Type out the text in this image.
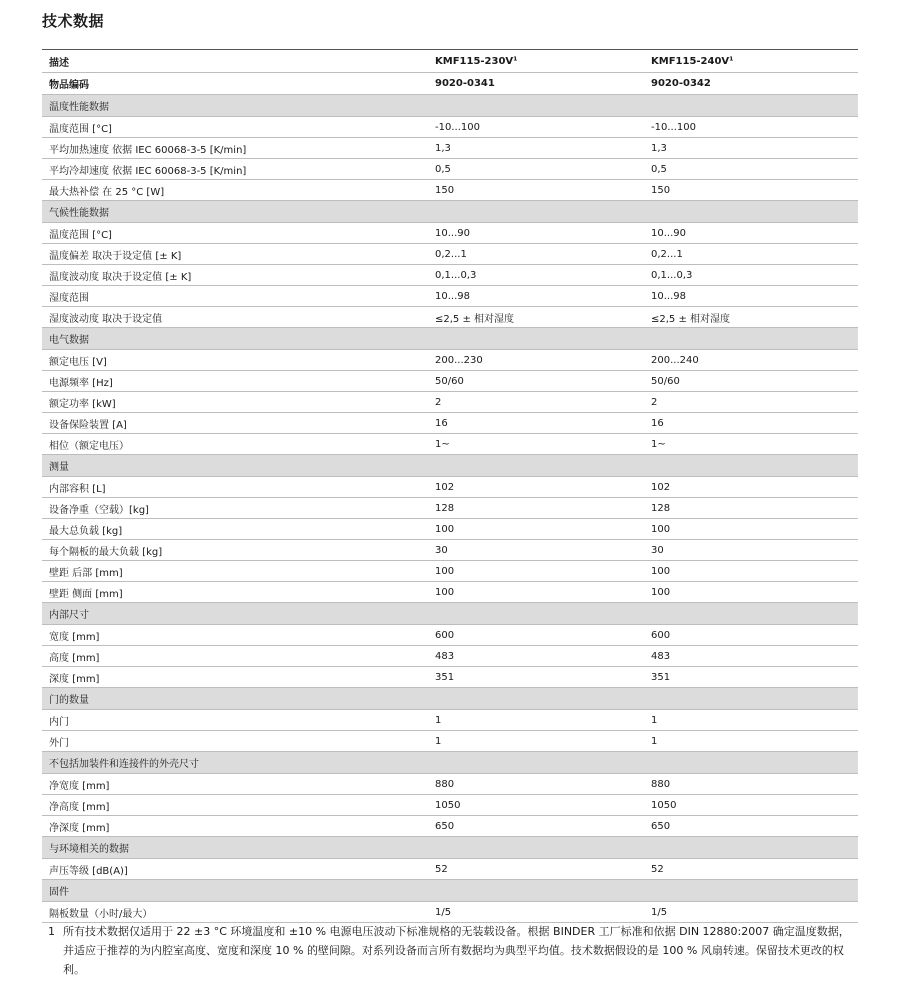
技术数据
描述	KMF115-230V¹	KMF115-240V¹
物品编码	9020-0341	9020-0342
温度性能数据
温度范围 [°C]	-10...100	-10...100
平均加热速度 依据 IEC 60068-3-5 [K/min]	1,3	1,3
平均冷却速度 依据 IEC 60068-3-5 [K/min]	0,5	0,5
最大热补偿 在 25 °C [W]	150	150
气候性能数据
温度范围 [°C]	10...90	10...90
温度偏差 取决于设定值 [± K]	0,2...1	0,2...1
温度波动度 取决于设定值 [± K]	0,1...0,3	0,1...0,3
湿度范围	10...98	10...98
湿度波动度 取决于设定值	≤2,5 ± 相对湿度	≤2,5 ± 相对湿度
电气数据
额定电压 [V]	200...230	200...240
电源频率 [Hz]	50/60	50/60
额定功率 [kW]	2	2
设备保险装置 [A]	16	16
相位（额定电压）	1~	1~
测量
内部容积 [L]	102	102
设备净重（空载）[kg]	128	128
最大总负载 [kg]	100	100
每个隔板的最大负载 [kg]	30	30
壁距 后部 [mm]	100	100
壁距 侧面 [mm]	100	100
内部尺寸
宽度 [mm]	600	600
高度 [mm]	483	483
深度 [mm]	351	351
门的数量
内门	1	1
外门	1	1
不包括加装件和连接件的外壳尺寸
净宽度 [mm]	880	880
净高度 [mm]	1050	1050
净深度 [mm]	650	650
与环境相关的数据
声压等级 [dB(A)]	52	52
固件
隔板数量（小时/最大）	1/5	1/5
1 所有技术数据仅适用于 22 ±3 °C 环境温度和 ±10 % 电源电压波动下标准规格的无装载设备。根据 BINDER 工厂标准和依据 DIN 12880:2007 确定温度数据，并适应于推荐的为内腔室高度、宽度和深度 10 % 的壁间隙。对系列设备而言所有数据均为典型平均值。技术数据假设的是 100 % 风扇转速。保留技术更改的权利。
